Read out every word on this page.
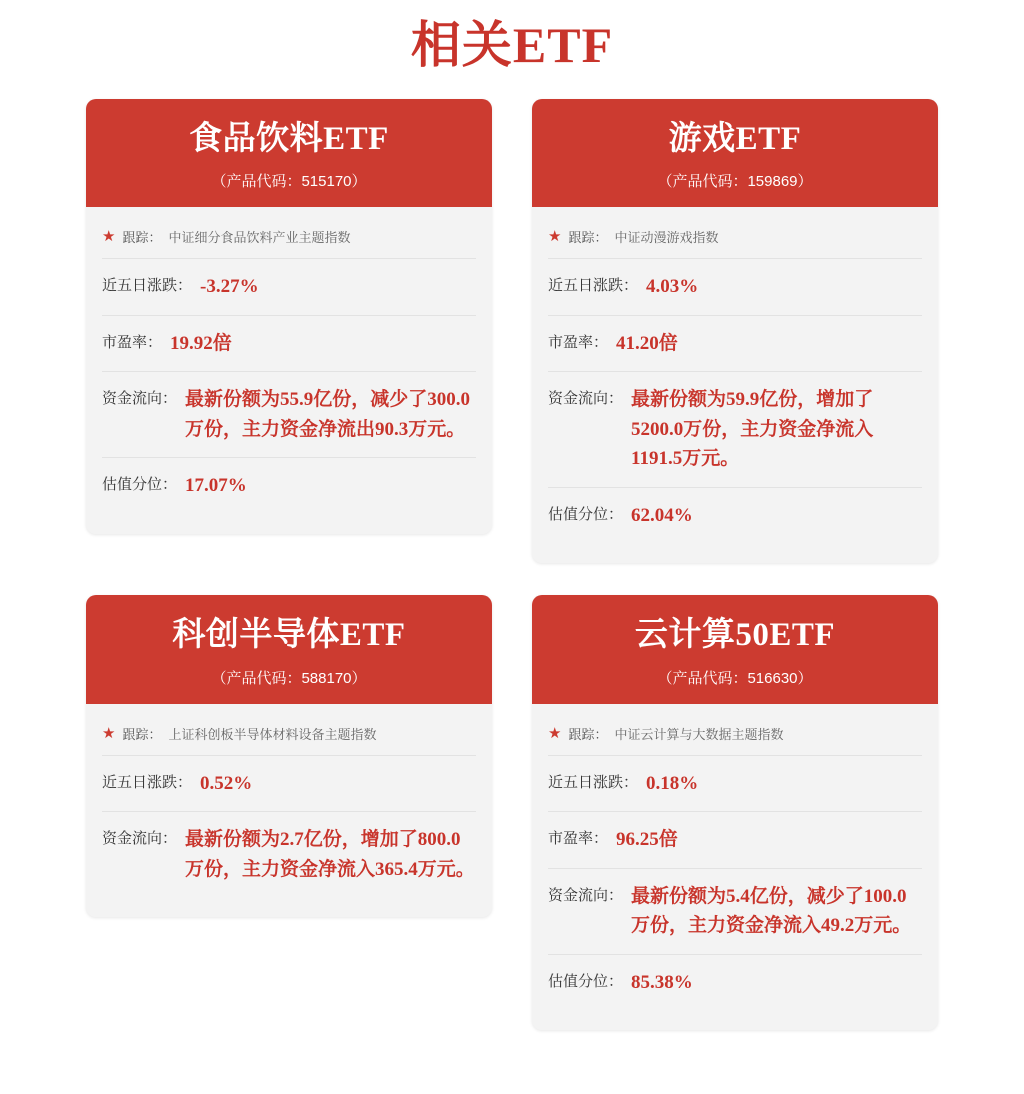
相关ETF
食品饮料ETF
（产品代码：515170）
★ 跟踪： 中证细分食品饮料产业主题指数
近五日涨跌： -3.27%
市盈率： 19.92倍
资金流向： 最新份额为55.9亿份，减少了300.0万份，主力资金净流出90.3万元。
估值分位： 17.07%
游戏ETF
（产品代码：159869）
★ 跟踪： 中证动漫游戏指数
近五日涨跌： 4.03%
市盈率： 41.20倍
资金流向： 最新份额为59.9亿份，增加了5200.0万份，主力资金净流入1191.5万元。
估值分位： 62.04%
科创半导体ETF
（产品代码：588170）
★ 跟踪： 上证科创板半导体材料设备主题指数
近五日涨跌： 0.52%
资金流向： 最新份额为2.7亿份，增加了800.0万份，主力资金净流入365.4万元。
云计算50ETF
（产品代码：516630）
★ 跟踪： 中证云计算与大数据主题指数
近五日涨跌： 0.18%
市盈率： 96.25倍
资金流向： 最新份额为5.4亿份，减少了100.0万份，主力资金净流入49.2万元。
估值分位： 85.38%
